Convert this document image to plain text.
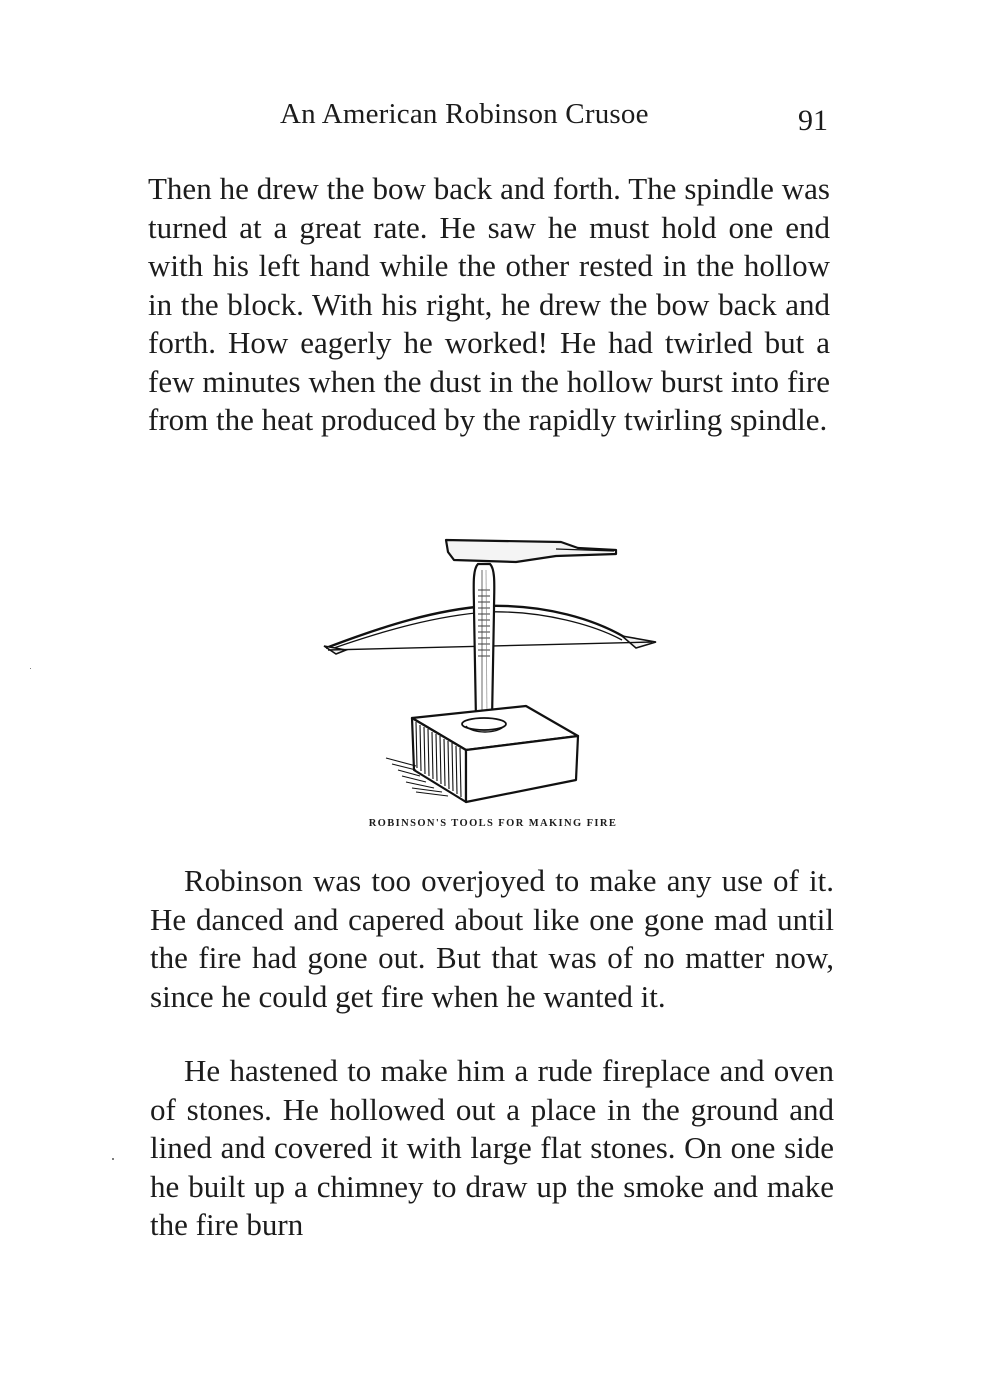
An American Robinson Crusoe	91

Then he drew the bow back and forth. The spindle was turned at a great rate. He saw he must hold one end with his left hand while the other rested in the hollow in the block. With his right, he drew the bow back and forth. How eagerly he worked! He had twirled but a few minutes when the dust in the hollow burst into fire from the heat produced by the rapidly twirling spindle.

ROBINSON'S TOOLS FOR MAKING FIRE

Robinson was too overjoyed to make any use of it. He danced and capered about like one gone mad until the fire had gone out. But that was of no matter now, since he could get fire when he wanted it.

He hastened to make him a rude fireplace and oven of stones. He hollowed out a place in the ground and lined and covered it with large flat stones. On one side he built up a chimney to draw up the smoke and make the fire burn
